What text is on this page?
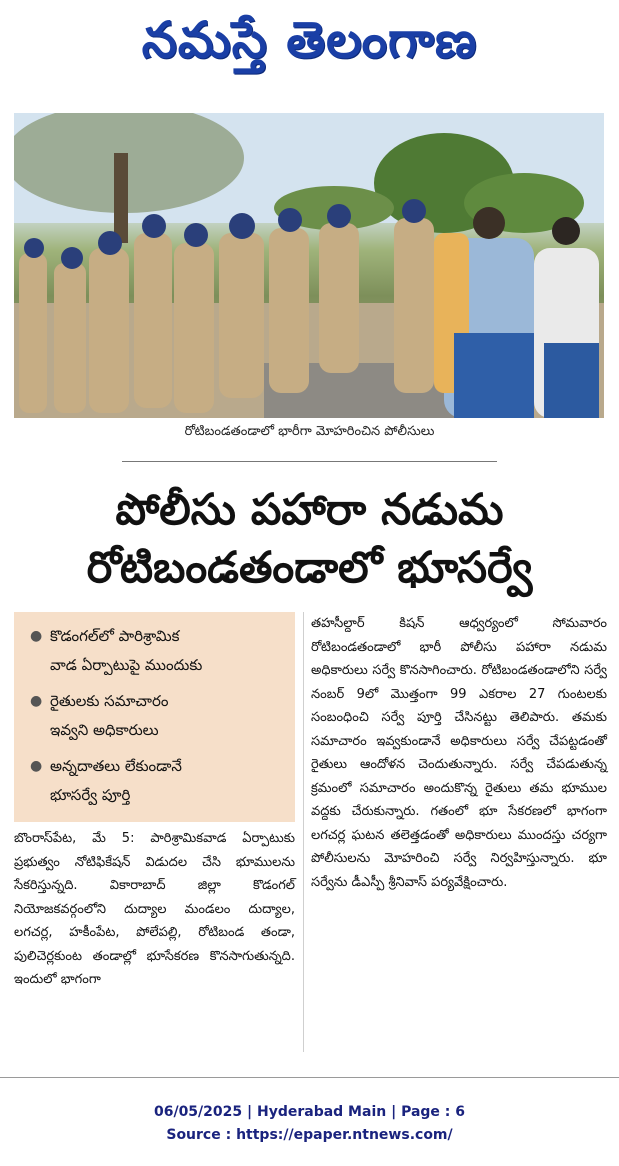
నమస్తే తెలంగాణ
రోటిబండతండాలో భారీగా మోహరించిన పోలీసులు
పోలీసు పహారా నడుమ
రోటిబండతండాలో భూసర్వే
● కొడంగల్‌లో పారిశ్రామిక
వాడ ఏర్పాటుపై ముందుకు
● రైతులకు సమాచారం
ఇవ్వని అధికారులు
● అన్నదాతలు లేకుండానే
భూసర్వే పూర్తి
బొంరాస్‌పేట, మే 5: పారిశ్రామికవాడ ఏర్పాటుకు ప్రభుత్వం నోటిఫికేషన్ విడుదల చేసి భూములను సేకరిస్తున్నది. వికారాబాద్ జిల్లా కొడంగల్ నియోజకవర్గంలోని దుద్యాల మండలం దుద్యాల, లగచర్ల, హకీంపేట, పోలేపల్లి, రోటిబండ తండా, పులిచెర్లకుంట తండాల్లో భూసేకరణ కొనసాగుతున్నది. ఇందులో భాగంగా
తహసీల్దార్ కిషన్ ఆధ్వర్యంలో సోమవారం రోటిబండతండాలో భారీ పోలీసు పహారా నడుమ అధికారులు సర్వే కొనసాగించారు. రోటిబండతండాలోని సర్వే నంబర్ 9లో మొత్తంగా 99 ఎకరాల 27 గుంటలకు సంబంధించి సర్వే పూర్తి చేసినట్టు తెలిపారు. తమకు సమాచారం ఇవ్వకుండానే అధికారులు సర్వే చేపట్టడంతో రైతులు ఆందోళన చెందుతున్నారు. సర్వే చేపడుతున్న క్రమంలో సమాచారం అందుకొన్న రైతులు తమ భూముల వద్దకు చేరుకున్నారు. గతంలో భూ సేకరణలో భాగంగా లగచర్ల ఘటన తలెత్తడంతో అధికారులు ముందస్తు చర్యగా పోలీసులను మోహరించి సర్వే నిర్వహిస్తున్నారు. భూ సర్వేను డీఎస్పీ శ్రీనివాస్ పర్యవేక్షించారు.
06/05/2025 | Hyderabad Main | Page : 6
Source : https://epaper.ntnews.com/
